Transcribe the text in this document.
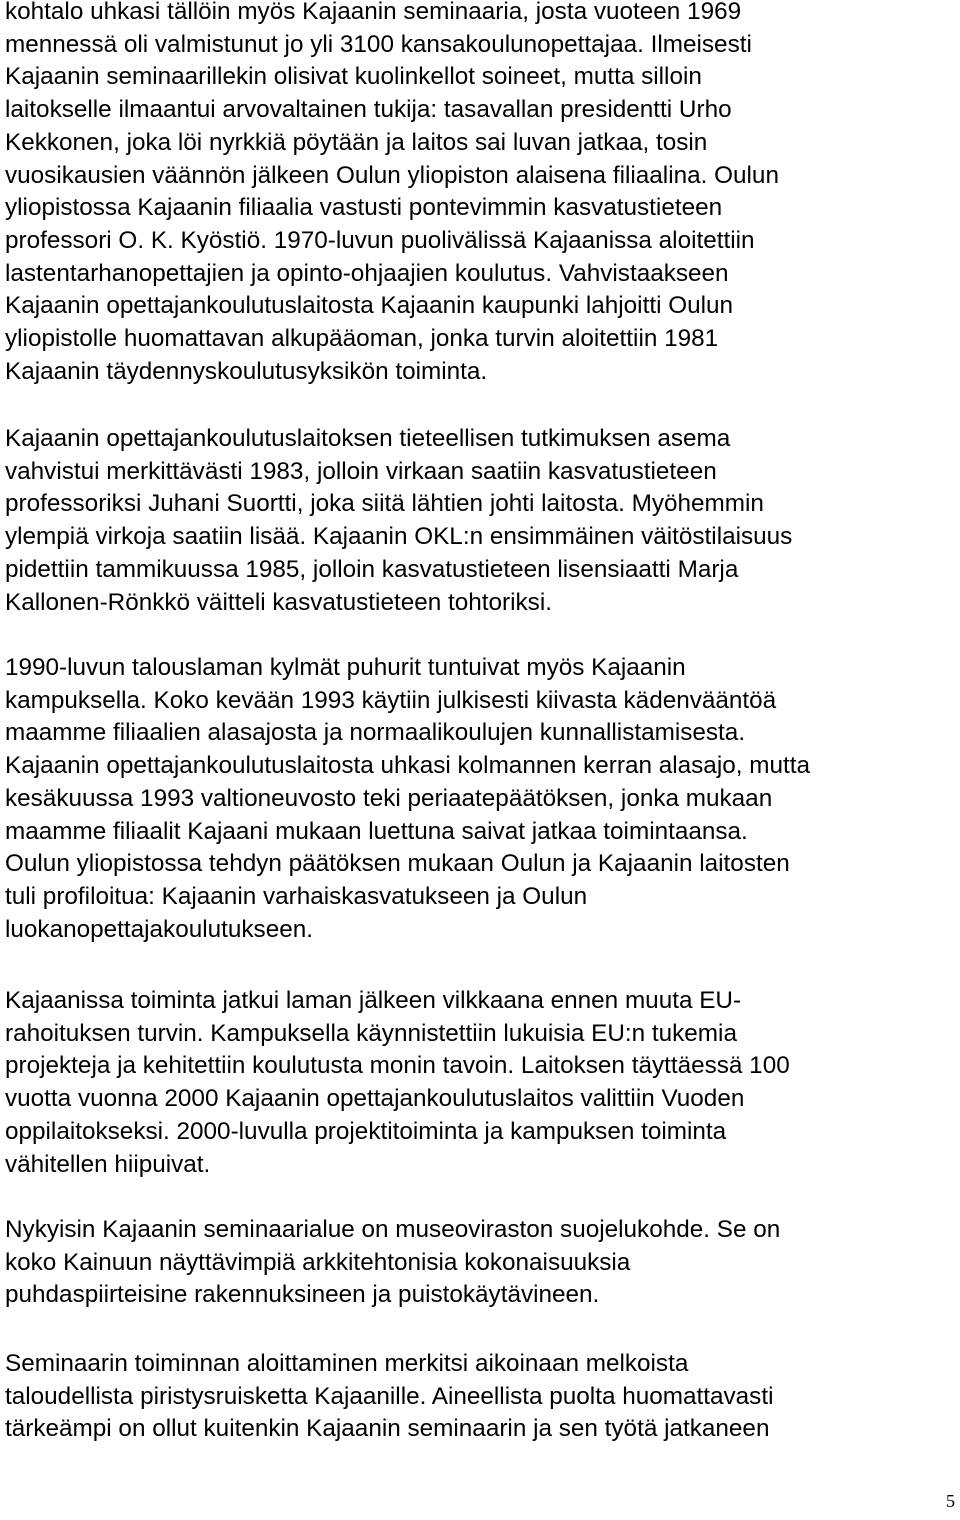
kohtalo uhkasi tällöin myös Kajaanin seminaaria, josta vuoteen 1969
mennessä oli valmistunut jo yli 3100 kansakoulunopettajaa. Ilmeisesti
Kajaanin seminaarillekin olisivat kuolinkellot soineet, mutta silloin
laitokselle ilmaantui arvovaltainen tukija: tasavallan presidentti Urho
Kekkonen, joka löi nyrkkiä pöytään ja laitos sai luvan jatkaa, tosin
vuosikausien väännön jälkeen Oulun yliopiston alaisena filiaalina. Oulun
yliopistossa Kajaanin filiaalia vastusti pontevimmin kasvatustieteen
professori O. K. Kyöstiö. 1970-luvun puolivälissä Kajaanissa aloitettiin
lastentarhanopettajien ja opinto-ohjaajien koulutus. Vahvistaakseen
Kajaanin opettajankoulutuslaitosta Kajaanin kaupunki lahjoitti Oulun
yliopistolle huomattavan alkupääoman, jonka turvin aloitettiin 1981
Kajaanin täydennyskoulutusyksikön toiminta.

Kajaanin opettajankoulutuslaitoksen tieteellisen tutkimuksen asema
vahvistui merkittävästi 1983, jolloin virkaan saatiin kasvatustieteen
professoriksi Juhani Suortti, joka siitä lähtien johti laitosta. Myöhemmin
ylempiä virkoja saatiin lisää. Kajaanin OKL:n ensimmäinen väitöstilaisuus
pidettiin tammikuussa 1985, jolloin kasvatustieteen lisensiaatti Marja
Kallonen-Rönkkö väitteli kasvatustieteen tohtoriksi.

1990-luvun talouslaman kylmät puhurit tuntuivat myös Kajaanin
kampuksella. Koko kevään 1993 käytiin julkisesti kiivasta kädenvääntöä
maamme filiaalien alasajosta ja normaalikoulujen kunnallistamisesta.
Kajaanin opettajankoulutuslaitosta uhkasi kolmannen kerran alasajo, mutta
kesäkuussa 1993 valtioneuvosto teki periaatepäätöksen, jonka mukaan
maamme filiaalit Kajaani mukaan luettuna saivat jatkaa toimintaansa.
Oulun yliopistossa tehdyn päätöksen mukaan Oulun ja Kajaanin laitosten
tuli profiloitua: Kajaanin varhaiskasvatukseen ja Oulun
luokanopettajakoulutukseen.

Kajaanissa toiminta jatkui laman jälkeen vilkkaana ennen muuta EU-
rahoituksen turvin. Kampuksella käynnistettiin lukuisia EU:n tukemia
projekteja ja kehitettiin koulutusta monin tavoin. Laitoksen täyttäessä 100
vuotta vuonna 2000 Kajaanin opettajankoulutuslaitos valittiin Vuoden
oppilaitokseksi. 2000-luvulla projektitoiminta ja kampuksen toiminta
vähitellen hiipuivat.

Nykyisin Kajaanin seminaarialue on museoviraston suojelukohde. Se on
koko Kainuun näyttävimpiä arkkitehtonisia kokonaisuuksia
puhdaspiirteisine rakennuksineen ja puistokäytävineen.

Seminaarin toiminnan aloittaminen merkitsi aikoinaan melkoista
taloudellista piristysruisketta Kajaanille. Aineellista puolta huomattavasti
tärkeämpi on ollut kuitenkin Kajaanin seminaarin ja sen työtä jatkaneen

5
